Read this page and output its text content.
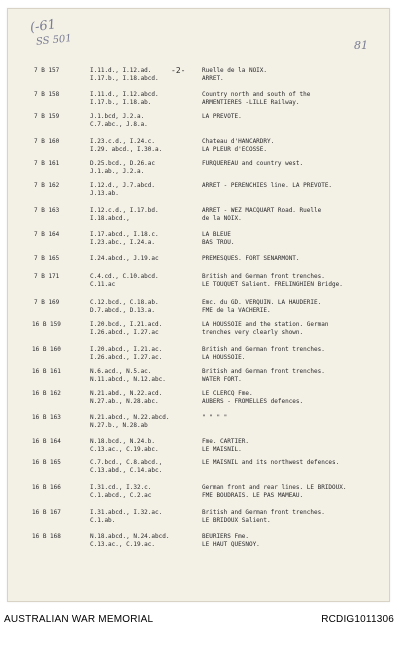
(-61
SS 501	81
-2-
7 B 157	I.11.d., I.12.ad.
I.17.b., I.18.abcd.
Ruelle de la NOIX.
ARRET.
7 B 158	I.11.d., I.12.abcd.
I.17.b., I.18.ab.
Country north and south of the
ARMENTIERES -LILLE Railway.
7 B 159	J.1.bcd, J.2.a.
C.7.abc., J.8.a.
LA PREVOTE.
7 B 160	I.23.c.d., I.24.c.
I.29. abcd., I.30.a.
Chateau d'HANCARDRY.
LA PLEUR d'ECOSSE.
7 B 161	D.25.bcd., D.26.ac
J.1.ab., J.2.a.
FURQUEREAU and country west.
7 B 162	I.12.d., J.7.abcd.
J.13.ab.
ARRET - PERENCHIES line. LA PREVOTE.
7 B 163	I.12.c.d., I.17.bd.
I.18.abcd.,
ARRET - WEZ MACQUART Road. Ruelle
de la NOIX.
7 B 164	I.17.abcd., I.18.c.
I.23.abc., I.24.a.
LA BLEUE
BAS TROU.
7 B 165	I.24.abcd., J.19.ac	PREMESQUES. FORT SENARMONT.
7 B 171	C.4.cd., C.10.abcd.
C.11.ac
British and German front trenches.
LE TOUQUET Salient. FRELINGHIEN Bridge.
7 B 169	C.12.bcd., C.18.ab.
D.7.abcd., D.13.a.
Emc. du GD. VERQUIN. LA HAUDERIE.
FME de la VACHERIE.
16 B 159	I.20.bcd., I.21.acd.
I.26.abcd., I.27.ac
LA HOUSSOIE and the station. German
trenches very clearly shown.
16 B 160	I.20.abcd., I.21.ac.
I.26.abcd., I.27.ac.
British and German front trenches.
LA HOUSSOIE.
16 B 161	N.6.acd., N.5.ac.
N.11.abcd., N.12.abc.
British and German front trenches.
WATER FORT.
16 B 162	N.21.abd., N.22.acd.
N.27.ab., N.28.abc.
LE CLERCQ Fme.
AUBERS - FROMELLES defences.
16 B 163	N.21.abcd., N.22.abcd.
N.27.b., N.28.ab
" " " "
16 B 164	N.18.bcd., N.24.b.
C.13.ac., C.19.abc.
Fme. CARTIER.
LE MAISNIL.
16 B 165	C.7.bcd., C.8.abcd.,
C.13.abd., C.14.abc.
LE MAISNIL and its northwest defences.
16 B 166	I.31.cd., I.32.c.
C.1.abcd., C.2.ac
German front and rear lines. LE BRIDOUX.
FME BOUDRAIS. LE PAS MAMEAU.
16 B 167	I.31.abcd., I.32.ac.
C.1.ab.
British and German front trenches.
LE BRIDOUX Salient.
16 B 168	N.18.abcd., N.24.abcd.
C.13.ac., C.19.ac.
BEURIERS Fme.
LE HAUT QUESNOY.
AUSTRALIAN WAR MEMORIAL	RCDIG1011306
